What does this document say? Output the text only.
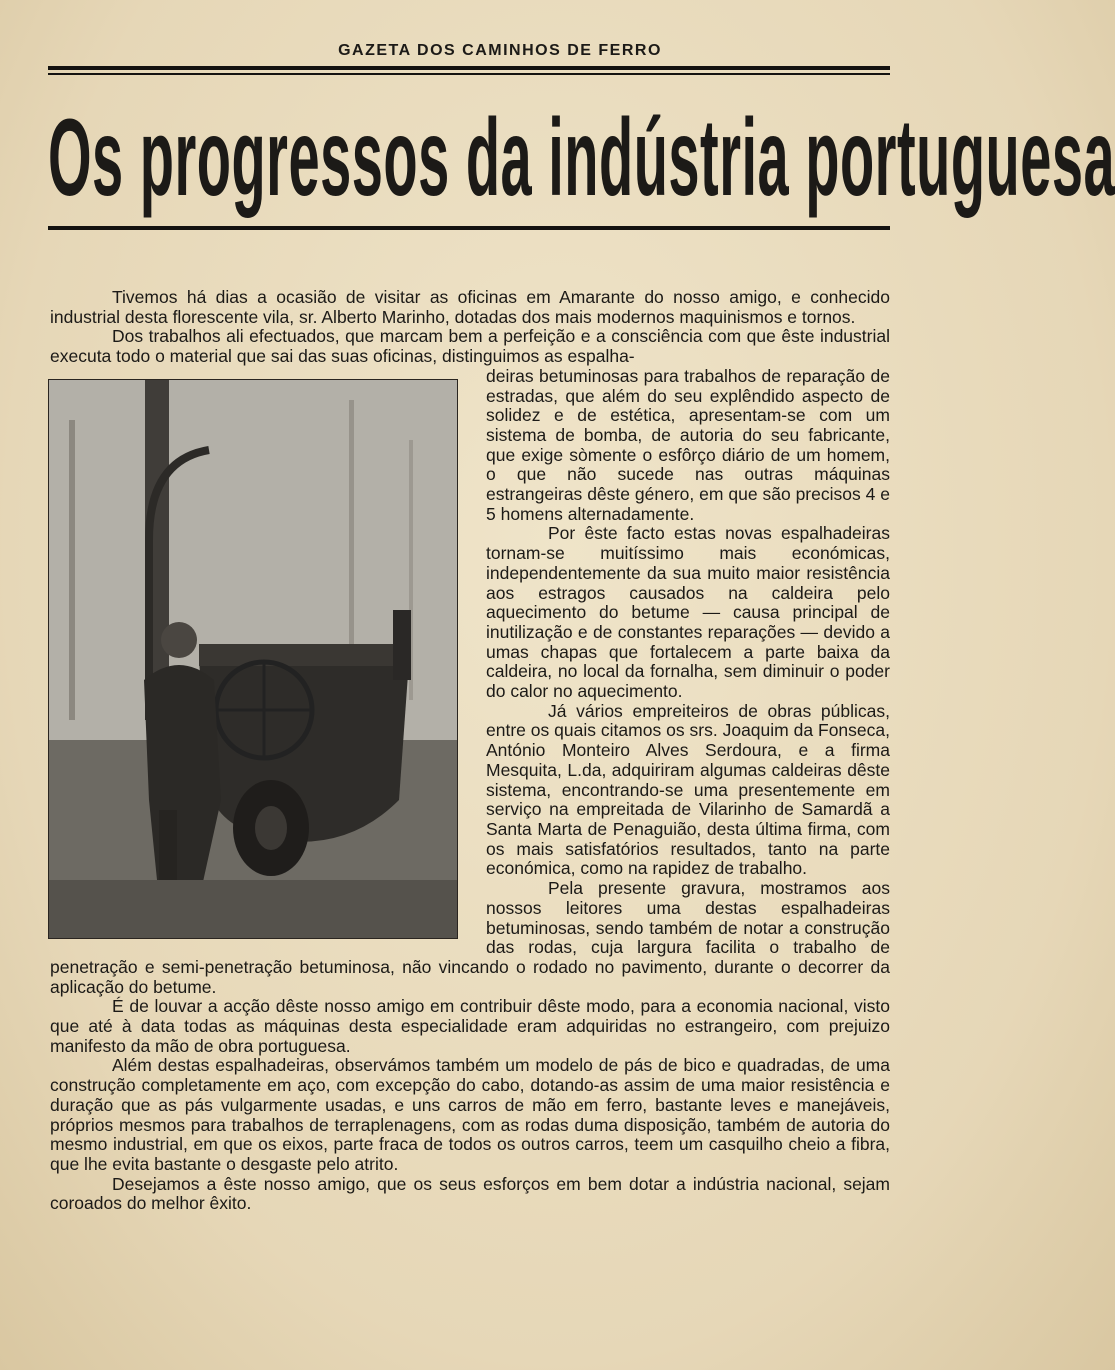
GAZETA DOS CAMINHOS DE FERRO
Os progressos da indústria portuguesa

Tivemos há dias a ocasião de visitar as oficinas em Amarante do nosso amigo, e conhecido industrial desta florescente vila, sr. Alberto Marinho, dotadas dos mais modernos maquinismos e tornos.

Dos trabalhos ali efectuados, que marcam bem a perfeição e a consciência com que êste industrial executa todo o material que sai das suas oficinas, distinguimos as espalha-

deiras betuminosas para trabalhos de reparação de estradas, que além do seu explêndido aspecto de solidez e de estética, apresentam-se com um sistema de bomba, de autoria do seu fabricante, que exige sòmente o esfôrço diário de um homem, o que não sucede nas outras máquinas estrangeiras dêste género, em que são precisos 4 e 5 homens alternadamente.

Por êste facto estas novas espalhadeiras tornam-se muitíssimo mais económicas, independentemente da sua muito maior resistência aos estragos causados na caldeira pelo aquecimento do betume — causa principal de inutilização e de constantes reparações — devido a umas chapas que fortalecem a parte baixa da caldeira, no local da fornalha, sem diminuir o poder do calor no aquecimento.

Já vários empreiteiros de obras públicas, entre os quais citamos os srs. Joaquim da Fonseca, António Monteiro Alves Serdoura, e a firma Mesquita, L.da, adquiriram algumas caldeiras dêste sistema, encontrando-se uma presentemente em serviço na empreitada de Vilarinho de Samardã a Santa Marta de Penaguião, desta última firma, com os mais satisfatórios resultados, tanto na parte económica, como na rapidez de trabalho.

Pela presente gravura, mostramos aos nossos leitores uma destas espalhadeiras betuminosas, sendo também de notar a construção das rodas, cuja largura facilita o trabalho de penetração e semi-penetração betuminosa, não vincando o rodado no pavimento, durante o decorrer da aplicação do betume.

É de louvar a acção dêste nosso amigo em contribuir dêste modo, para a economia nacional, visto que até à data todas as máquinas desta especialidade eram adquiridas no estrangeiro, com prejuizo manifesto da mão de obra portuguesa.

Além destas espalhadeiras, observámos também um modelo de pás de bico e quadradas, de uma construção completamente em aço, com excepção do cabo, dotando-as assim de uma maior resistência e duração que as pás vulgarmente usadas, e uns carros de mão em ferro, bastante leves e manejáveis, próprios mesmos para trabalhos de terraplenagens, com as rodas duma disposição, também de autoria do mesmo industrial, em que os eixos, parte fraca de todos os outros carros, teem um casquilho cheio a fibra, que lhe evita bastante o desgaste pelo atrito.

Desejamos a êste nosso amigo, que os seus esforços em bem dotar a indústria nacional, sejam coroados do melhor êxito.
